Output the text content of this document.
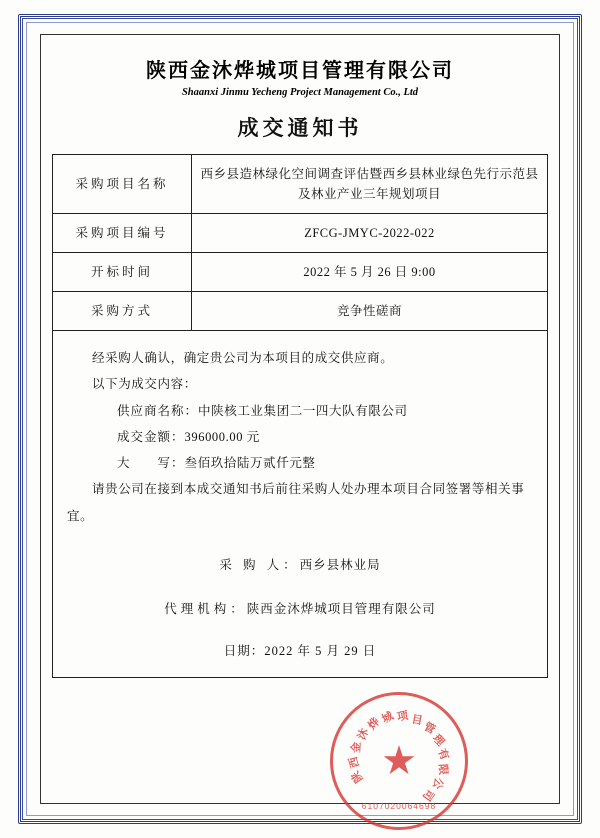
陕西金沐烨城项目管理有限公司
Shaanxi Jinmu Yecheng Project Management Co., Ltd
成交通知书
采购项目名称	西乡县造林绿化空间调查评估暨西乡县林业绿色先行示范县及林业产业三年规划项目
采购项目编号	ZFCG-JMYC-2022-022
开标时间	2022 年 5 月 26 日 9:00
采购方式	竞争性磋商
经采购人确认，确定贵公司为本项目的成交供应商。
以下为成交内容：
供应商名称：中陕核工业集团二一四大队有限公司
成交金额：396000.00 元
大　　写：叁佰玖拾陆万贰仟元整
请贵公司在接到本成交通知书后前往采购人处办理本项目合同签署等相关事宜。
采 购 人：西乡县林业局
代理机构：陕西金沐烨城项目管理有限公司
日期：2022 年 5 月 29 日
陕
西
金
沐
烨
城 项 目
管
理
有
限
公
司
★
6107020064698
